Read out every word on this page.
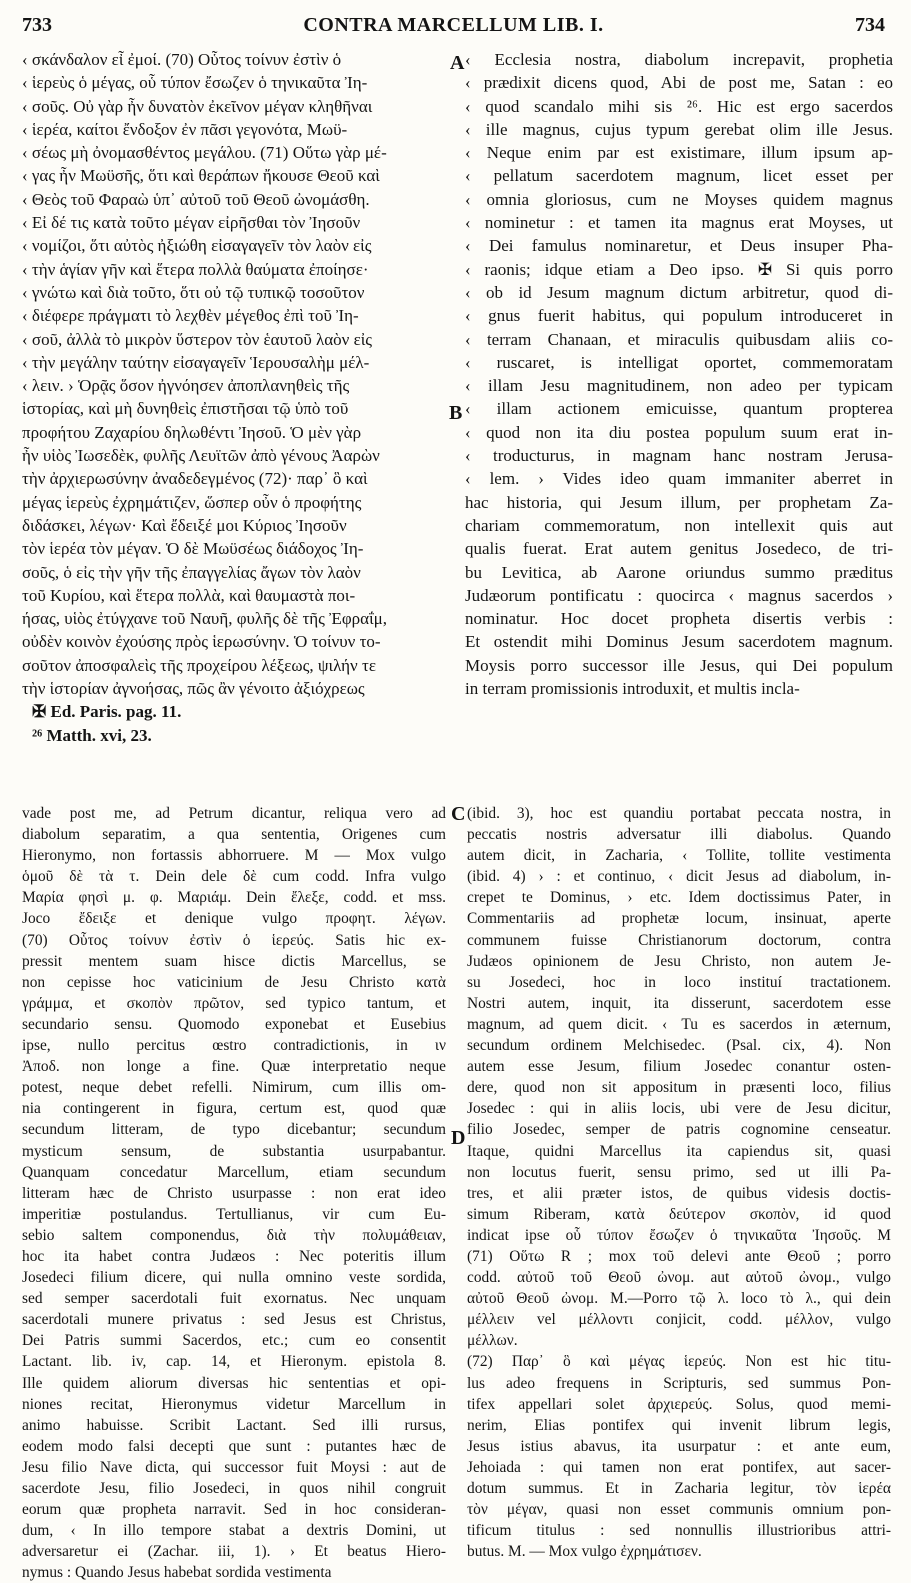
733	CONTRA MARCELLUM LIB. I.	734
A
B
C
D

‹ σκάνδαλον εἶ ἐμοί. (70) Οὗτος τοίνυν ἐστὶν ὁ

‹ ἱερεὺς ὁ μέγας, οὗ τύπον ἔσωζεν ὁ τηνικαῦτα Ἰη-

‹ σοῦς. Οὐ γὰρ ἦν δυνατὸν ἐκεῖνον μέγαν κληθῆναι

‹ ἱερέα, καίτοι ἔνδοξον ἐν πᾶσι γεγονότα, Μωϋ-

‹ σέως μὴ ὀνομασθέντος μεγάλου. (71) Οὕτω γὰρ μέ-

‹ γας ἦν Μωϋσῆς, ὅτι καὶ θεράπων ἤκουσε Θεοῦ καὶ

‹ Θεὸς τοῦ Φαραὼ ὑπ᾽ αὐτοῦ τοῦ Θεοῦ ὠνομάσθη.

‹ Εἰ δέ τις κατὰ τοῦτο μέγαν εἰρῆσθαι τὸν Ἰησοῦν

‹ νομίζοι, ὅτι αὐτὸς ἠξιώθη εἰσαγαγεῖν τὸν λαὸν εἰς

‹ τὴν ἁγίαν γῆν καὶ ἕτερα πολλὰ θαύματα ἐποίησε·

‹ γνώτω καὶ διὰ τοῦτο, ὅτι οὐ τῷ τυπικῷ τοσοῦτον

‹ διέφερε πράγματι τὸ λεχθὲν μέγεθος ἐπὶ τοῦ Ἰη-

‹ σοῦ, ἀλλὰ τὸ μικρὸν ὕστερον τὸν ἑαυτοῦ λαὸν εἰς

‹ τὴν μεγάλην ταύτην εἰσαγαγεῖν Ἱερουσαλὴμ μέλ-

‹ λειν. › Ὁρᾷς ὅσον ἠγνόησεν ἀποπλανηθεὶς τῆς

ἱστορίας, καὶ μὴ δυνηθεὶς ἐπιστῆσαι τῷ ὑπὸ τοῦ

προφήτου Ζαχαρίου δηλωθέντι Ἰησοῦ. Ὁ μὲν γὰρ

ἦν υἱὸς Ἰωσεδὲκ, φυλῆς Λευϊτῶν ἀπὸ γένους Ἀαρὼν

τὴν ἀρχιερωσύνην ἀναδεδεγμένος (72)· παρ᾽ ὃ καὶ

μέγας ἱερεὺς ἐχρημάτιζεν, ὥσπερ οὖν ὁ προφήτης

διδάσκει, λέγων· Καὶ ἔδειξέ μοι Κύριος Ἰησοῦν

τὸν ἱερέα τὸν μέγαν. Ὁ δὲ Μωϋσέως διάδοχος Ἰη-

σοῦς, ὁ εἰς τὴν γῆν τῆς ἐπαγγελίας ἄγων τὸν λαὸν

τοῦ Κυρίου, καὶ ἕτερα πολλὰ, καὶ θαυμαστὰ ποι-

ήσας, υἱὸς ἐτύγχανε τοῦ Ναυῆ, φυλῆς δὲ τῆς Ἐφραΐμ,

οὐδὲν κοινὸν ἐχούσης πρὸς ἱερωσύνην. Ὁ τοίνυν το-

σοῦτον ἀποσφαλεὶς τῆς προχείρου λέξεως, ψιλήν τε

τὴν ἱστορίαν ἀγνοήσας, πῶς ἂν γένοιτο ἀξιόχρεως

✠ Ed. Paris. pag. 11.

²⁶ Matth. xvi, 23.

‹ Ecclesia nostra, diabolum increpavit, prophetia

‹ prædixit dicens quod, Abi de post me, Satan : eo

‹ quod scandalo mihi sis ²⁶. Hic est ergo sacerdos

‹ ille magnus, cujus typum gerebat olim ille Jesus.

‹ Neque enim par est existimare, illum ipsum ap-

‹ pellatum sacerdotem magnum, licet esset per

‹ omnia gloriosus, cum ne Moyses quidem magnus

‹ nominetur : et tamen ita magnus erat Moyses, ut

‹ Dei famulus nominaretur, et Deus insuper Pha-

‹ raonis; idque etiam a Deo ipso. ✠ Si quis porro

‹ ob id Jesum magnum dictum arbitretur, quod di-

‹ gnus fuerit habitus, qui populum introduceret in

‹ terram Chanaan, et miraculis quibusdam aliis co-

‹ ruscaret, is intelligat oportet, commemoratam

‹ illam Jesu magnitudinem, non adeo per typicam

‹ illam actionem emicuisse, quantum propterea

‹ quod non ita diu postea populum suum erat in-

‹ troducturus, in magnam hanc nostram Jerusa-

‹ lem. › Vides ideo quam immaniter aberret in

hac historia, qui Jesum illum, per prophetam Za-

chariam commemoratum, non intellexit quis aut

qualis fuerat. Erat autem genitus Josedeco, de tri-

bu Levitica, ab Aarone oriundus summo præditus

Judæorum pontificatu : quocirca ‹ magnus sacerdos ›

nominatur. Hoc docet propheta disertis verbis :

Et ostendit mihi Dominus Jesum sacerdotem magnum.

Moysis porro successor ille Jesus, qui Dei populum

in terram promissionis introduxit, et multis incla-

vade post me, ad Petrum dicantur, reliqua vero ad

diabolum separatim, a qua sententia, Origenes cum

Hieronymo, non fortassis abhorruere. M — Mox vulgo

ὁμοῦ δὲ τὰ τ. Dein dele δὲ cum codd. Infra vulgo

Μαρία φησὶ μ. φ. Μαριάμ. Dein ἔλεξε, codd. et mss.

Joco ἔδειξε et denique vulgo προφητ. λέγων.

(70) Οὗτος τοίνυν ἐστὶν ὁ ἱερεύς. Satis hic ex-

pressit mentem suam hisce dictis Marcellus, se

non cepisse hoc vaticinium de Jesu Christo κατὰ

γράμμα, et σκοπὸν πρῶτον, sed typico tantum, et

secundario sensu. Quomodo exponebat et Eusebius

ipse, nullo percitus œstro contradictionis, in ιν

Ἀποδ. non longe a fine. Quæ interpretatio neque

potest, neque debet refelli. Nimirum, cum illis om-

nia contingerent in figura, certum est, quod quæ

secundum litteram, de typo dicebantur; secundum

mysticum sensum, de substantia usurpabantur.

Quanquam concedatur Marcellum, etiam secundum

litteram hæc de Christo usurpasse : non erat ideo

imperitiæ postulandus. Tertullianus, vir cum Eu-

sebio saltem componendus, διὰ τὴν πολυμάθειαν,

hoc ita habet contra Judæos : Nec poteritis illum

Josedeci filium dicere, qui nulla omnino veste sordida,

sed semper sacerdotali fuit exornatus. Nec unquam

sacerdotali munere privatus : sed Jesus est Christus,

Dei Patris summi Sacerdos, etc.; cum eo consentit

Lactant. lib. iv, cap. 14, et Hieronym. epistola 8.

Ille quidem aliorum diversas hic sententias et opi-

niones recitat, Hieronymus videtur Marcellum in

animo habuisse. Scribit Lactant. Sed illi rursus,

eodem modo falsi decepti que sunt : putantes hæc de

Jesu filio Nave dicta, qui successor fuit Moysi : aut de

sacerdote Jesu, filio Josedeci, in quos nihil congruit

eorum quæ propheta narravit. Sed in hoc consideran-

dum, ‹ In illo tempore stabat a dextris Domini, ut

adversaretur ei (Zachar. iii, 1). › Et beatus Hiero-

nymus : Quando Jesus habebat sordida vestimenta

(ibid. 3), hoc est quandiu portabat peccata nostra, in

peccatis nostris adversatur illi diabolus. Quando

autem dicit, in Zacharia, ‹ Tollite, tollite vestimenta

(ibid. 4) › : et continuo, ‹ dicit Jesus ad diabolum, in-

crepet te Dominus, › etc. Idem doctissimus Pater, in

Commentariis ad prophetæ locum, insinuat, aperte

communem fuisse Christianorum doctorum, contra

Judæos opinionem de Jesu Christo, non autem Je-

su Josedeci, hoc in loco instituí tractationem.

Nostri autem, inquit, ita disserunt, sacerdotem esse

magnum, ad quem dicit. ‹ Tu es sacerdos in æternum,

secundum ordinem Melchisedec. (Psal. cix, 4). Non

autem esse Jesum, filium Josedec conantur osten-

dere, quod non sit appositum in præsenti loco, filius

Josedec : qui in aliis locis, ubi vere de Jesu dicitur,

filio Josedec, semper de patris cognomine censeatur.

Itaque, quidni Marcellus ita capiendus sit, quasi

non locutus fuerit, sensu primo, sed ut illi Pa-

tres, et alii præter istos, de quibus videsis doctis-

simum Riberam, κατὰ δεύτερον σκοπὸν, id quod

indicat ipse οὗ τύπον ἔσωζεν ὁ τηνικαῦτα Ἰησοῦς. M

(71) Οὕτω R ; mox τοῦ delevi ante Θεοῦ ; porro

codd. αὐτοῦ τοῦ Θεοῦ ὠνομ. aut αὐτοῦ ὠνομ., vulgo

αὐτοῦ Θεοῦ ὠνομ. M.—Porro τῷ λ. loco τὸ λ., qui dein

μέλλειν vel μέλλοντι conjicit, codd. μέλλον, vulgo

μέλλων.

(72) Παρ᾽ ὃ καὶ μέγας ἱερεύς. Non est hic titu-

lus adeo frequens in Scripturis, sed summus Pon-

tifex appellari solet ἀρχιερεύς. Solus, quod memi-

nerim, Elias pontifex qui invenit librum legis,

Jesus istius abavus, ita usurpatur : et ante eum,

Jehoiada : qui tamen non erat pontifex, aut sacer-

dotum summus. Et in Zacharia legitur, τὸν ἱερέα

τὸν μέγαν, quasi non esset communis omnium pon-

tificum titulus : sed nonnullis illustrioribus attri-

butus. M. — Mox vulgo ἐχρημάτισεν.
